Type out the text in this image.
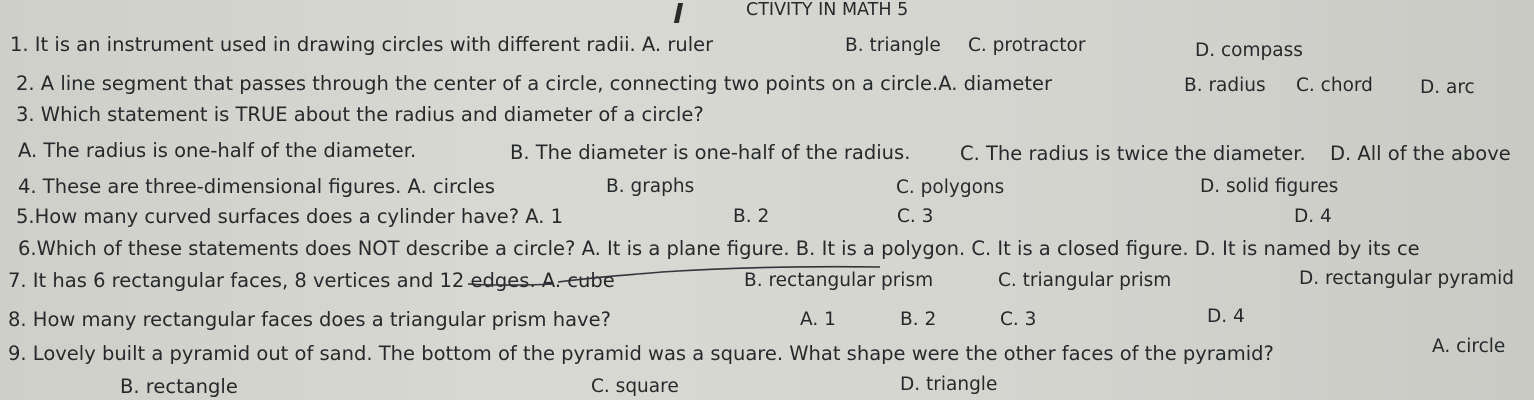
CTIVITY IN MATH 5
1. It is an instrument used in drawing circles with different radii. A. ruler	B. triangle C. protractor	D. compass
2. A line segment that passes through the center of a circle, connecting two points on a circle.A. diameter	B. radius C. chord	D. arc
3. Which statement is TRUE about the radius and diameter of a circle?
A. The radius is one-half of the diameter.	B. The diameter is one-half of the radius.	C. The radius is twice the diameter. D. All of the above
4. These are three-dimensional figures. A. circles	B. graphs	C. polygons	D. solid figures
5.How many curved surfaces does a cylinder have? A. 1	B. 2	C. 3	D. 4
6.Which of these statements does NOT describe a circle? A. It is a plane figure. B. It is a polygon. C. It is a closed figure. D. It is named by its ce
7. It has 6 rectangular faces, 8 vertices and 12 edges. A. cube	B. rectangular prism	C. triangular prism	D. rectangular pyramid
8. How many rectangular faces does a triangular prism have?	A. 1	B. 2	C. 3	D. 4
9. Lovely built a pyramid out of sand. The bottom of the pyramid was a square. What shape were the other faces of the pyramid?	A. circle
B. rectangle	C. square	D. triangle
